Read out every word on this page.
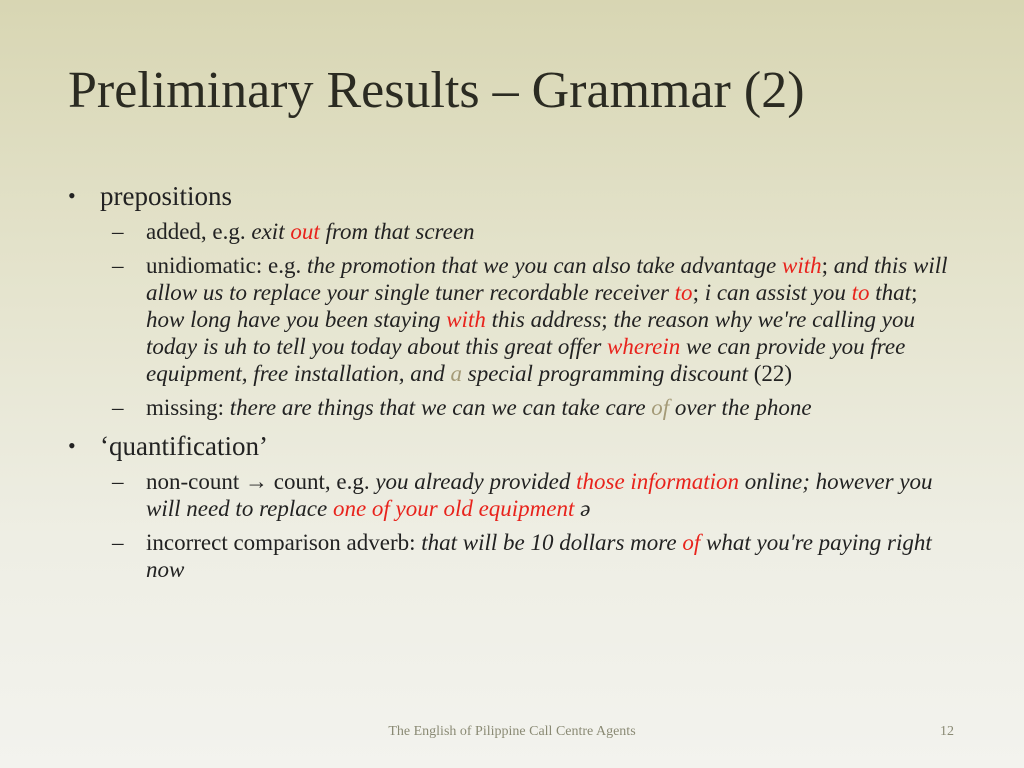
Preliminary Results – Grammar (2)
• prepositions
– added, e.g. exit out from that screen
– unidiomatic: e.g. the promotion that we you can also take advantage with; and this will allow us to replace your single tuner recordable receiver to; i can assist you to that; how long have you been staying with this address; the reason why we're calling you today is uh to tell you today about this great offer wherein we can provide you free equipment, free installation, and a special programming discount (22)
– missing: there are things that we can we can take care of over the phone
• ‘quantification’
– non-count → count, e.g. you already provided those information online; however you will need to replace one of your old equipment ə
– incorrect comparison adverb: that will be 10 dollars more of what you're paying right now
The English of Pilippine Call Centre Agents	12
